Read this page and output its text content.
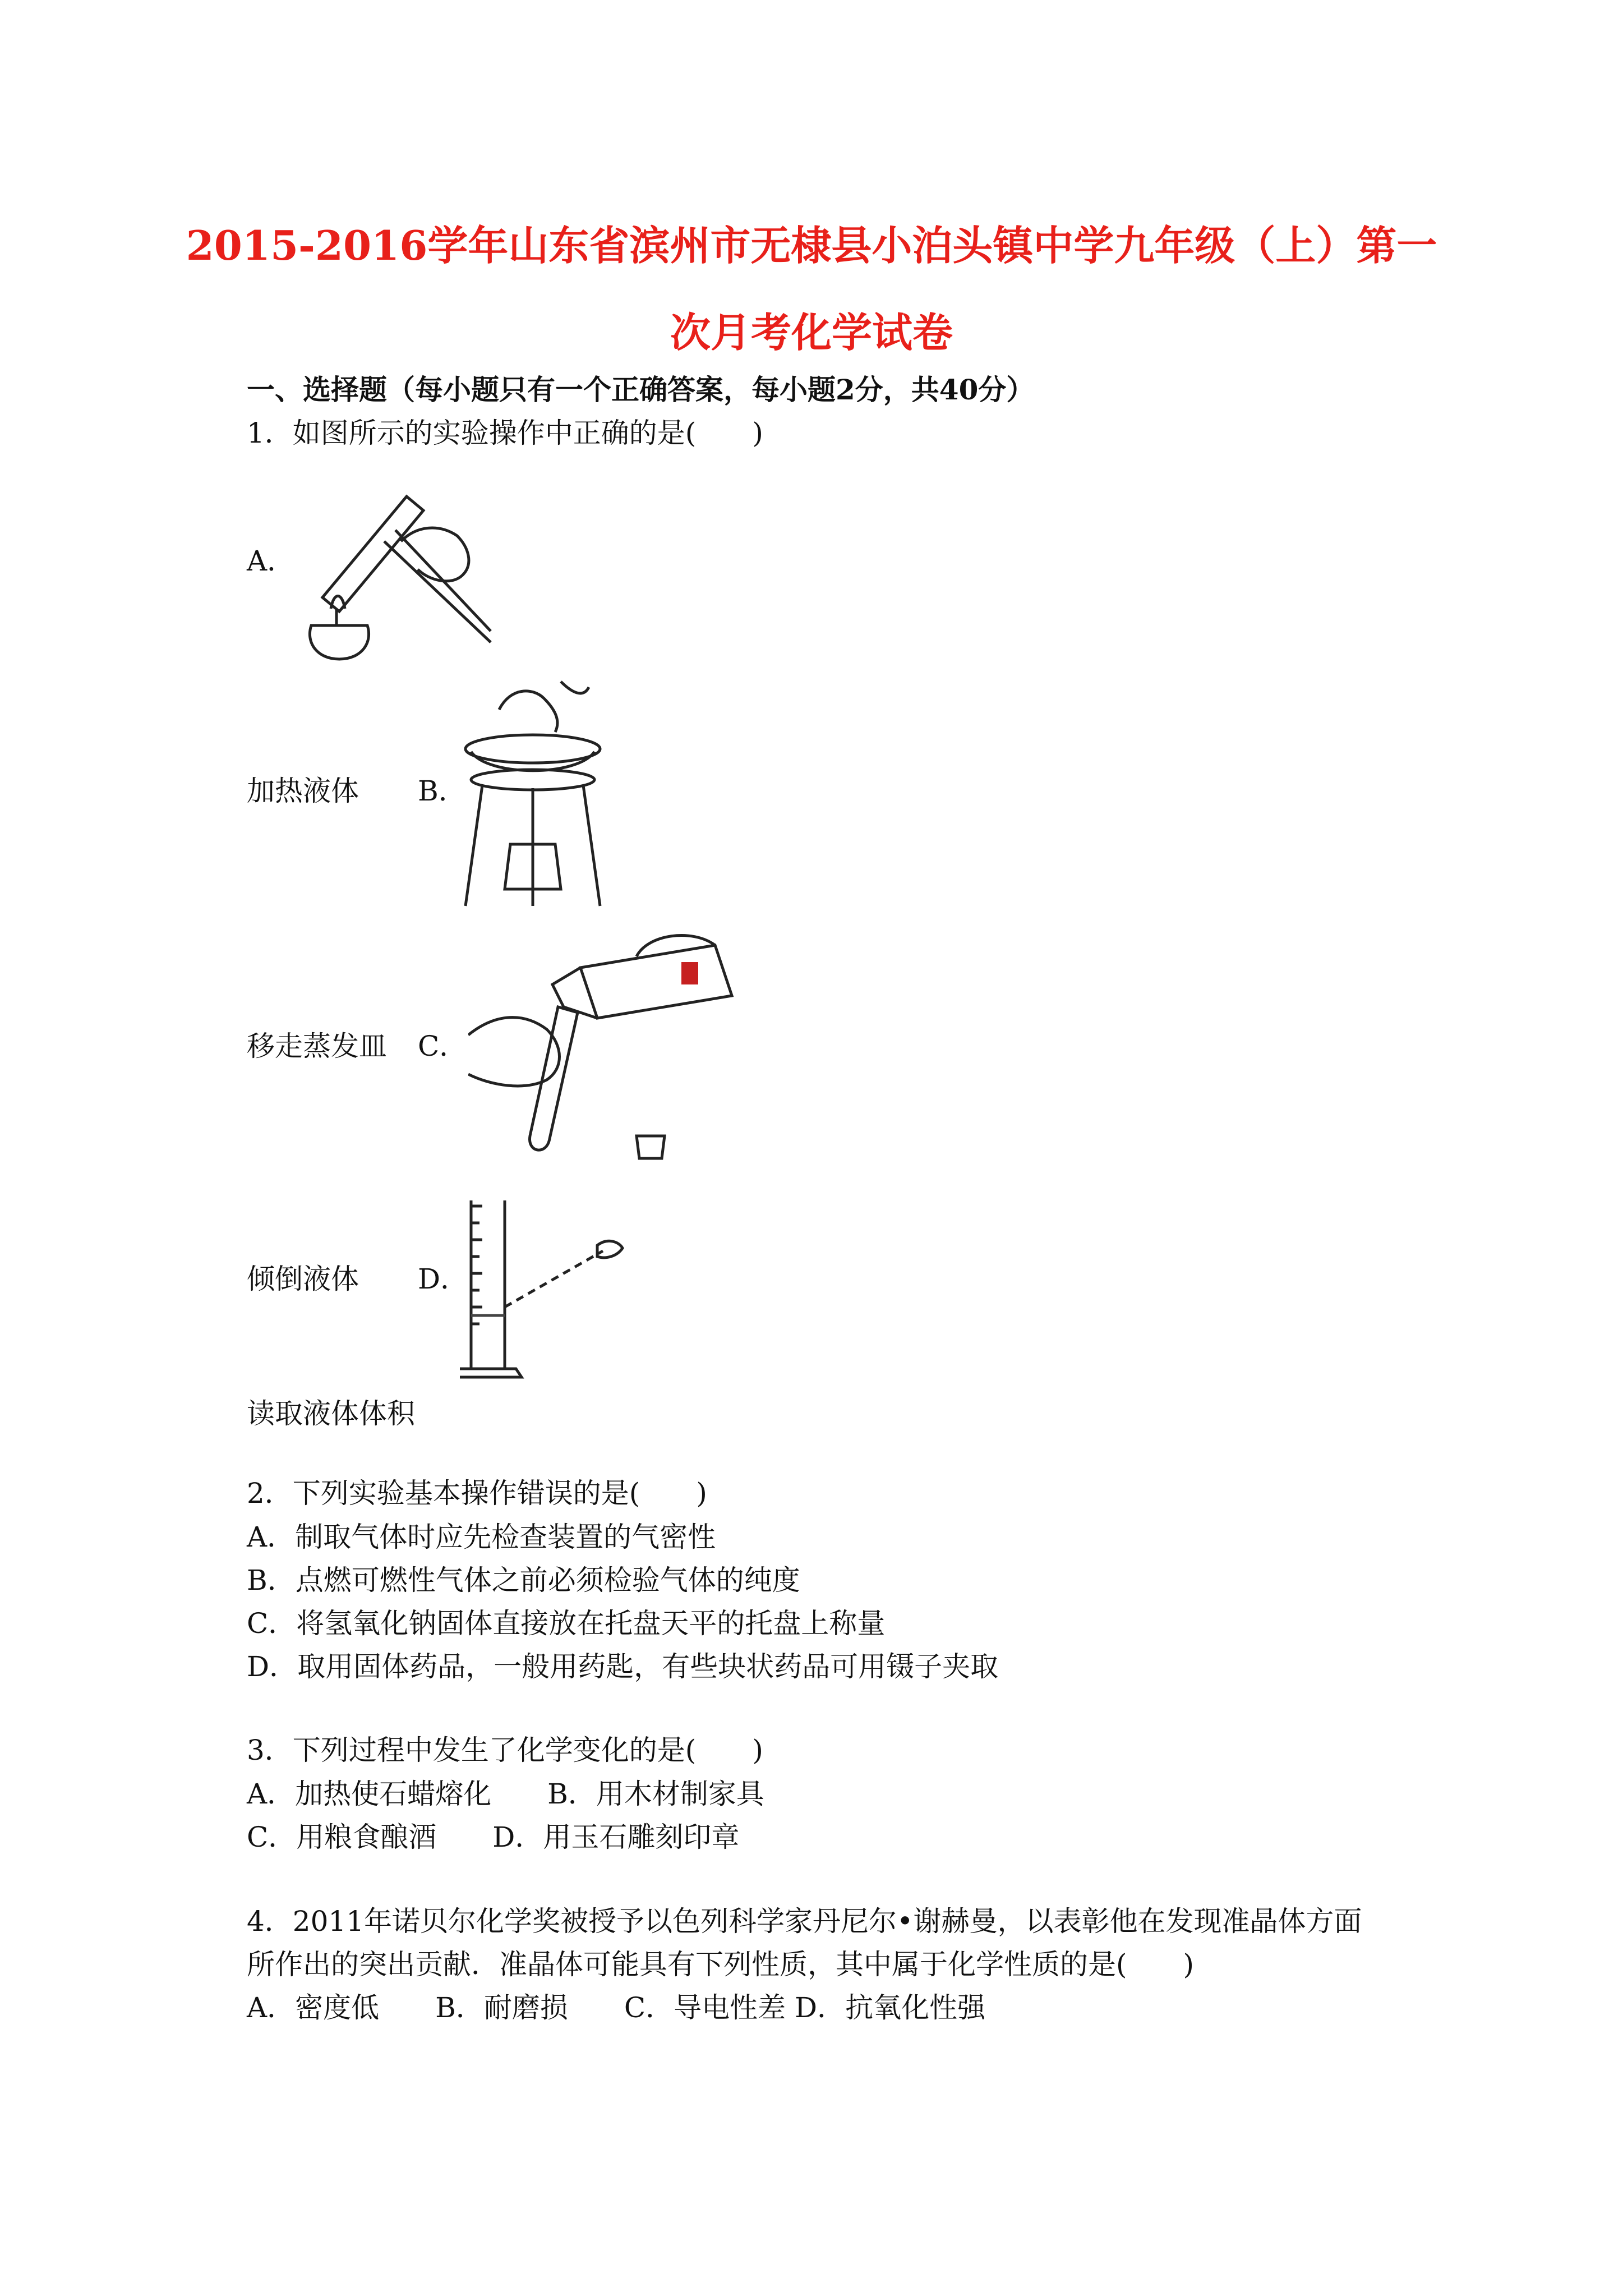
2015-2016学年山东省滨州市无棣县小泊头镇中学九年级（上）第一
次月考化学试卷

一、选择题（每小题只有一个正确答案，每小题2分，共40分）

1．如图所示的实验操作中正确的是(　　)

A．

加热液体 B．

移走蒸发皿 C．

倾倒液体 D．

读取液体体积

2．下列实验基本操作错误的是(　　)

A．制取气体时应先检查装置的气密性

B．点燃可燃性气体之前必须检验气体的纯度

C．将氢氧化钠固体直接放在托盘天平的托盘上称量

D．取用固体药品，一般用药匙，有些块状药品可用镊子夹取

3．下列过程中发生了化学变化的是(　　)

A．加热使石蜡熔化　　B．用木材制家具

C．用粮食酿酒　　D．用玉石雕刻印章

4．2011年诺贝尔化学奖被授予以色列科学家丹尼尔•谢赫曼，以表彰他在发现准晶体方面

所作出的突出贡献．准晶体可能具有下列性质，其中属于化学性质的是(　　)

A．密度低　　B．耐磨损　　C．导电性差 D．抗氧化性强
